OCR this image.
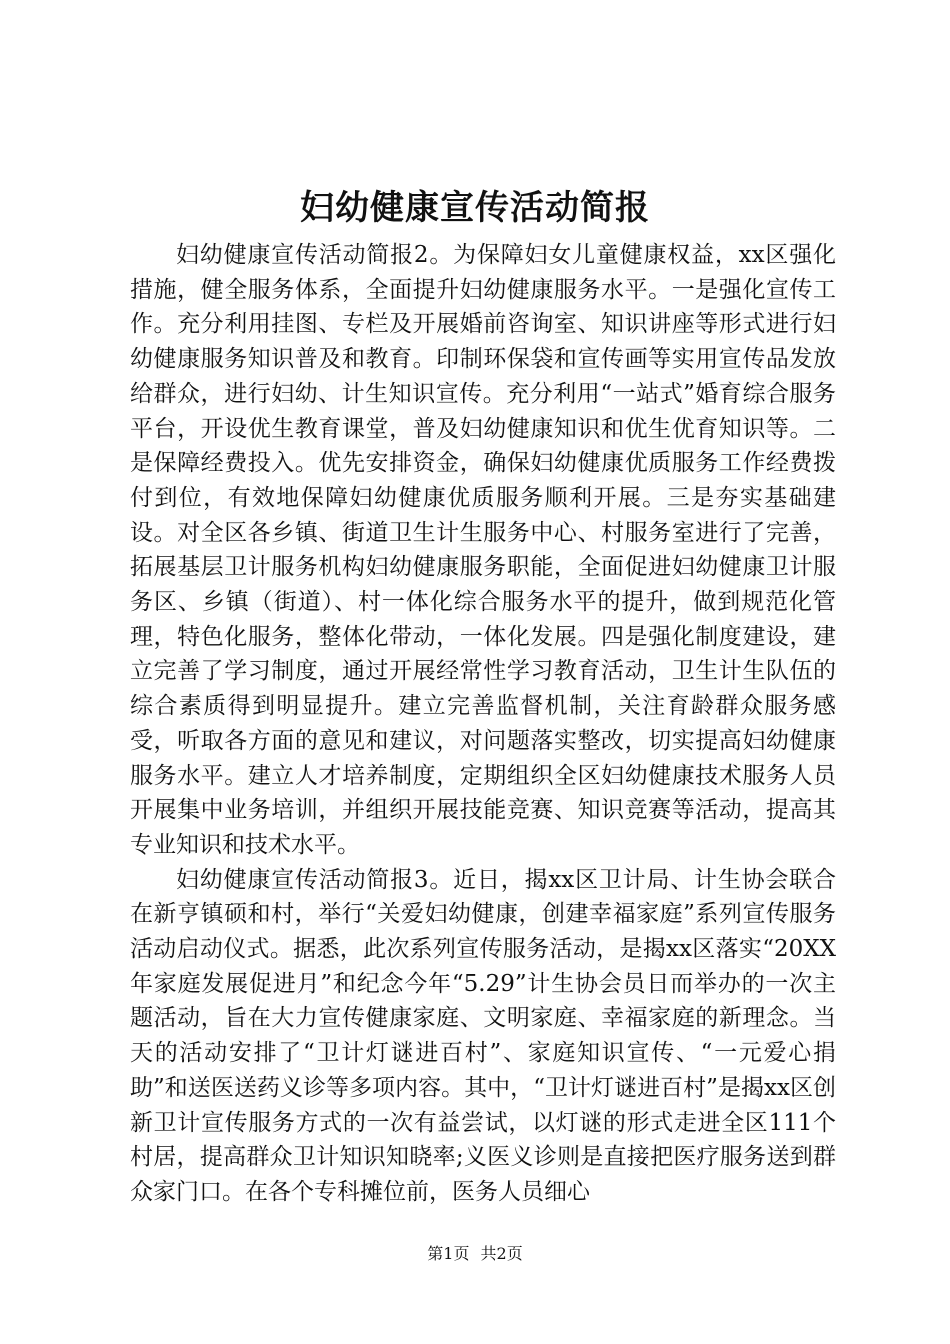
妇幼健康宣传活动简报

妇幼健康宣传活动简报2。为保障妇女儿童健康权益，xx区强化措施，健全服务体系，全面提升妇幼健康服务水平。一是强化宣传工作。充分利用挂图、专栏及开展婚前咨询室、知识讲座等形式进行妇幼健康服务知识普及和教育。印制环保袋和宣传画等实用宣传品发放给群众，进行妇幼、计生知识宣传。充分利用“一站式”婚育综合服务平台，开设优生教育课堂，普及妇幼健康知识和优生优育知识等。二是保障经费投入。优先安排资金，确保妇幼健康优质服务工作经费拨付到位，有效地保障妇幼健康优质服务顺利开展。三是夯实基础建设。对全区各乡镇、街道卫生计生服务中心、村服务室进行了完善，拓展基层卫计服务机构妇幼健康服务职能，全面促进妇幼健康卫计服务区、乡镇（街道）、村一体化综合服务水平的提升，做到规范化管理，特色化服务，整体化带动，一体化发展。四是强化制度建设，建立完善了学习制度，通过开展经常性学习教育活动，卫生计生队伍的综合素质得到明显提升。建立完善监督机制，关注育龄群众服务感受，听取各方面的意见和建议，对问题落实整改，切实提高妇幼健康服务水平。建立人才培养制度，定期组织全区妇幼健康技术服务人员开展集中业务培训，并组织开展技能竞赛、知识竞赛等活动，提高其专业知识和技术水平。

妇幼健康宣传活动简报3。近日，揭xx区卫计局、计生协会联合在新亨镇硕和村，举行“关爱妇幼健康，创建幸福家庭”系列宣传服务活动启动仪式。据悉，此次系列宣传服务活动，是揭xx区落实“20XX年家庭发展促进月”和纪念今年“5.29”计生协会员日而举办的一次主题活动，旨在大力宣传健康家庭、文明家庭、幸福家庭的新理念。当天的活动安排了“卫计灯谜进百村”、家庭知识宣传、“一元爱心捐助”和送医送药义诊等多项内容。其中，“卫计灯谜进百村”是揭xx区创新卫计宣传服务方式的一次有益尝试，以灯谜的形式走进全区111个村居，提高群众卫计知识知晓率;义医义诊则是直接把医疗服务送到群众家门口。在各个专科摊位前，医务人员细心

第1页 共2页
